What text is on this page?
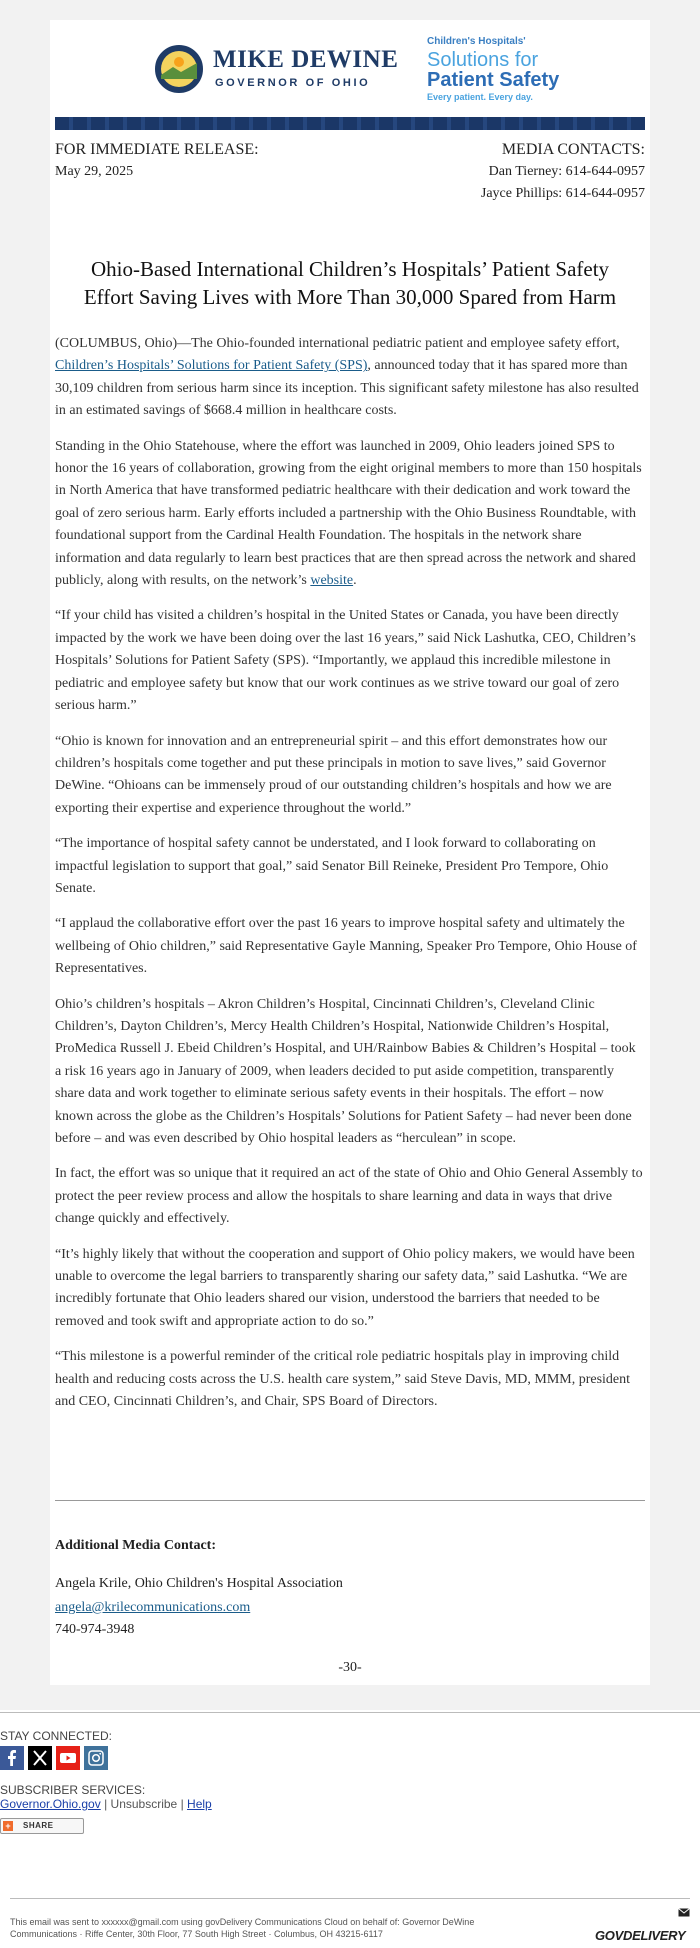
MIKE DEWINE
GOVERNOR OF OHIO
Children's Hospitals'
Solutions for
Patient Safety
Every patient. Every day.
FOR IMMEDIATE RELEASE:
May 29, 2025
MEDIA CONTACTS:
Dan Tierney: 614-644-0957
Jayce Phillips: 614-644-0957
Ohio-Based International Children’s Hospitals’ Patient Safety
Effort Saving Lives with More Than 30,000 Spared from Harm

(COLUMBUS, Ohio)—The Ohio-founded international pediatric patient and employee safety effort, Children’s Hospitals’ Solutions for Patient Safety (SPS), announced today that it has spared more than 30,109 children from serious harm since its inception. This significant safety milestone has also resulted in an estimated savings of $668.4 million in healthcare costs.

Standing in the Ohio Statehouse, where the effort was launched in 2009, Ohio leaders joined SPS to honor the 16 years of collaboration, growing from the eight original members to more than 150 hospitals in North America that have transformed pediatric healthcare with their dedication and work toward the goal of zero serious harm. Early efforts included a partnership with the Ohio Business Roundtable, with foundational support from the Cardinal Health Foundation. The hospitals in the network share information and data regularly to learn best practices that are then spread across the network and shared publicly, along with results, on the network’s website.

“If your child has visited a children’s hospital in the United States or Canada, you have been directly impacted by the work we have been doing over the last 16 years,” said Nick Lashutka, CEO, Children’s Hospitals’ Solutions for Patient Safety (SPS). “Importantly, we applaud this incredible milestone in pediatric and employee safety but know that our work continues as we strive toward our goal of zero serious harm.”

“Ohio is known for innovation and an entrepreneurial spirit – and this effort demonstrates how our children’s hospitals come together and put these principals in motion to save lives,” said Governor DeWine. “Ohioans can be immensely proud of our outstanding children’s hospitals and how we are exporting their expertise and experience throughout the world.”

“The importance of hospital safety cannot be understated, and I look forward to collaborating on impactful legislation to support that goal,” said Senator Bill Reineke, President Pro Tempore, Ohio Senate.

“I applaud the collaborative effort over the past 16 years to improve hospital safety and ultimately the wellbeing of Ohio children,” said Representative Gayle Manning, Speaker Pro Tempore, Ohio House of Representatives.

Ohio’s children’s hospitals – Akron Children’s Hospital, Cincinnati Children’s, Cleveland Clinic Children’s, Dayton Children’s, Mercy Health Children’s Hospital, Nationwide Children’s Hospital, ProMedica Russell J. Ebeid Children’s Hospital, and UH/Rainbow Babies & Children’s Hospital – took a risk 16 years ago in January of 2009, when leaders decided to put aside competition, transparently share data and work together to eliminate serious safety events in their hospitals. The effort – now known across the globe as the Children’s Hospitals’ Solutions for Patient Safety – had never been done before – and was even described by Ohio hospital leaders as “herculean” in scope.

In fact, the effort was so unique that it required an act of the state of Ohio and Ohio General Assembly to protect the peer review process and allow the hospitals to share learning and data in ways that drive change quickly and effectively.

“It’s highly likely that without the cooperation and support of Ohio policy makers, we would have been unable to overcome the legal barriers to transparently sharing our safety data,” said Lashutka. “We are incredibly fortunate that Ohio leaders shared our vision, understood the barriers that needed to be removed and took swift and appropriate action to do so.”

“This milestone is a powerful reminder of the critical role pediatric hospitals play in improving child health and reducing costs across the U.S. health care system,” said Steve Davis, MD, MMM, president and CEO, Cincinnati Children’s, and Chair, SPS Board of Directors.

Additional Media Contact:
Angela Krile, Ohio Children's Hospital Association
angela@krilecommunications.com
740-974-3948
-30-
STAY CONNECTED:
SUBSCRIBER SERVICES:
Governor.Ohio.gov | Unsubscribe | Help
+ SHARE
This email was sent to xxxxxx@gmail.com using govDelivery Communications Cloud on behalf of: Governor DeWine Communications · Riffe Center, 30th Floor, 77 South High Street · Columbus, OH 43215-6117	GOVDELIVERY
